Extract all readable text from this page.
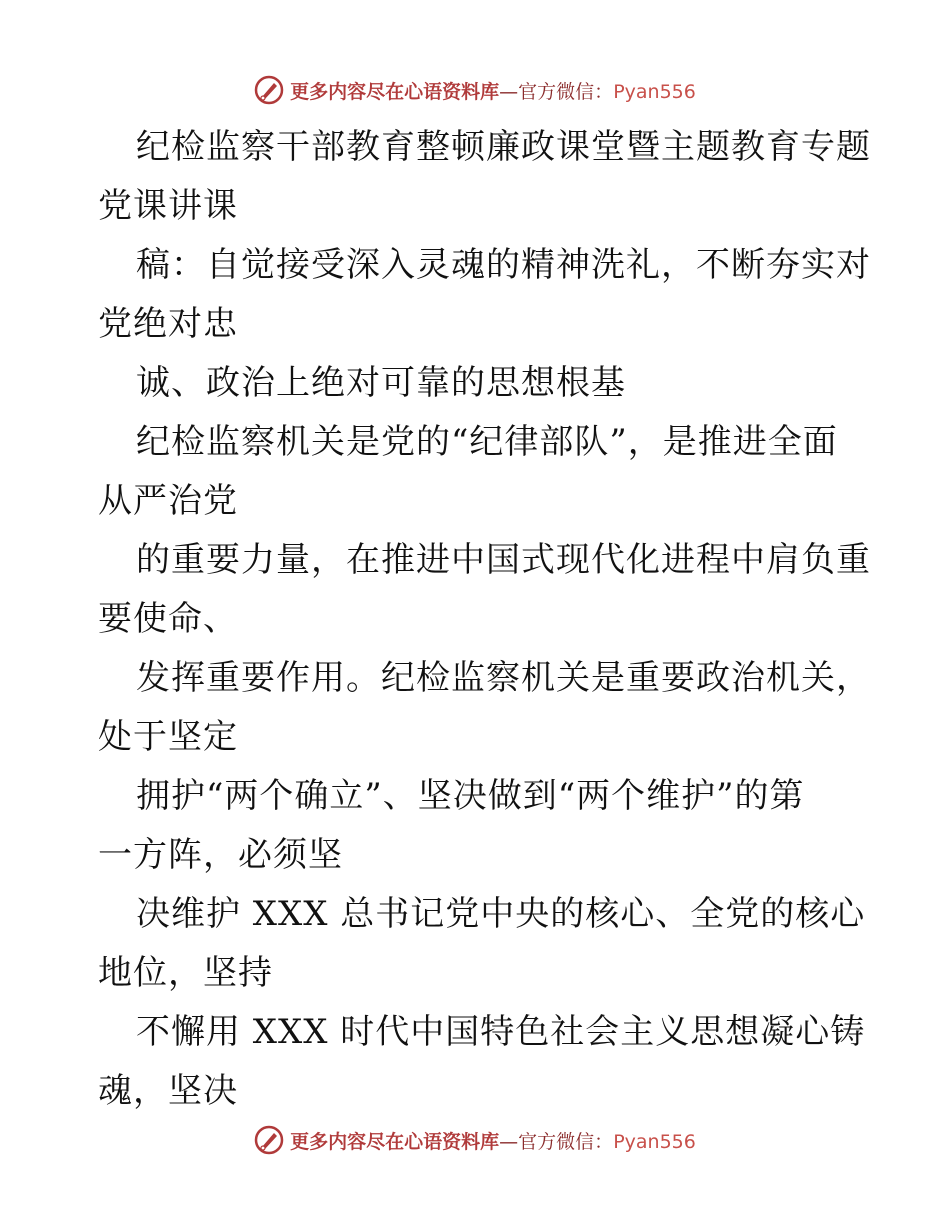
更多内容尽在心语资料库—官方微信：Pyan556
纪检监察干部教育整顿廉政课堂暨主题教育专题
党课讲课
稿：自觉接受深入灵魂的精神洗礼，不断夯实对
党绝对忠
诚、政治上绝对可靠的思想根基
纪检监察机关是党的“纪律部队”，是推进全面
从严治党
的重要力量，在推进中国式现代化进程中肩负重
要使命、
发挥重要作用。纪检监察机关是重要政治机关，
处于坚定
拥护“两个确立”、坚决做到“两个维护”的第
一方阵，必须坚
决维护 XXX 总书记党中央的核心、全党的核心
地位，坚持
不懈用 XXX 时代中国特色社会主义思想凝心铸
魂，坚决
更多内容尽在心语资料库—官方微信：Pyan556
